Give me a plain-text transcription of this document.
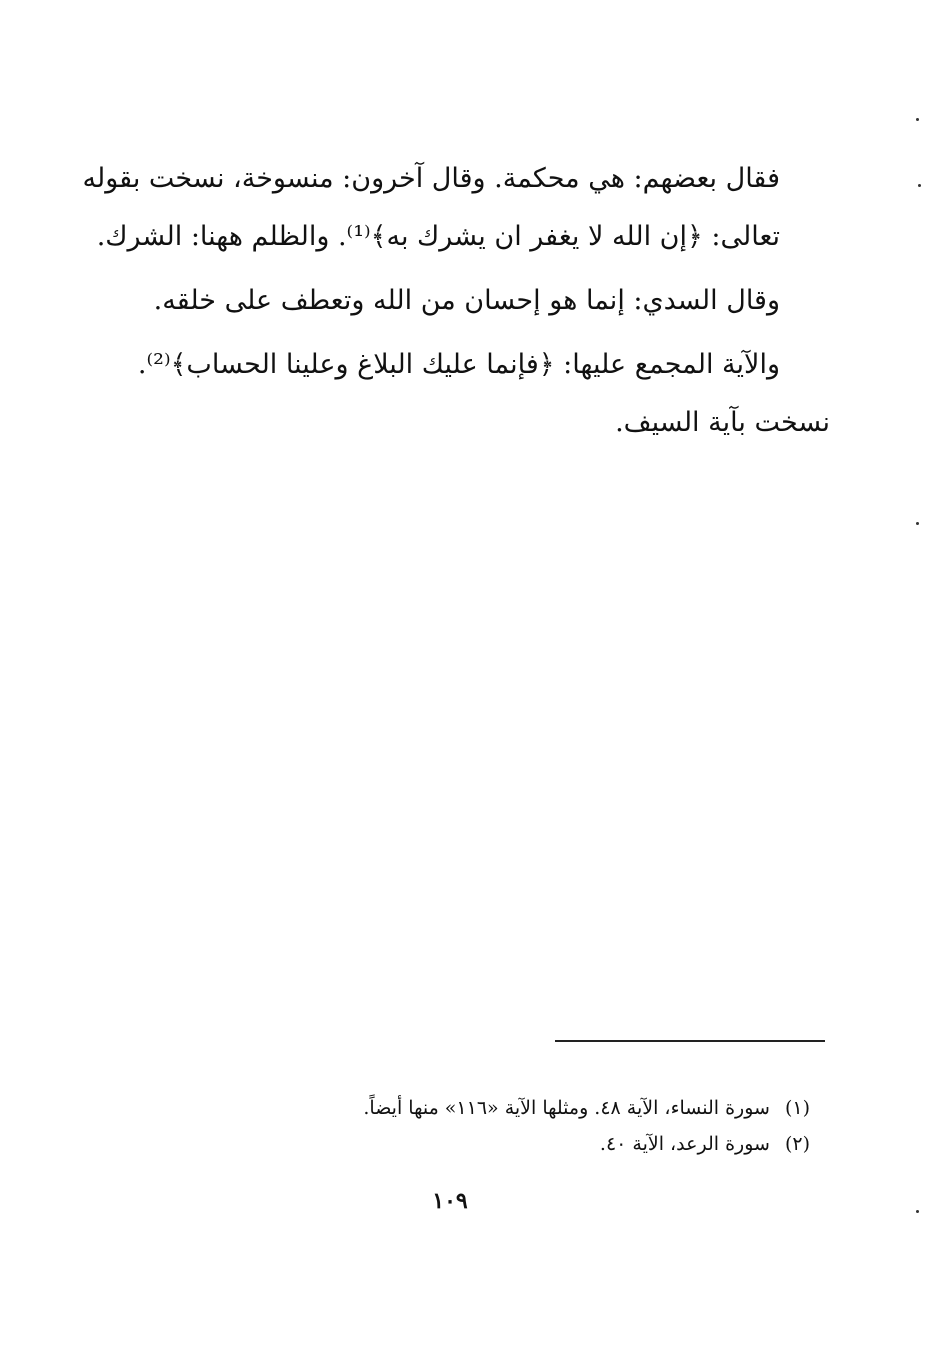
فقال بعضهم: هي محكمة. وقال آخرون: منسوخة، نسخت بقوله
تعالى: ﴿إن الله لا يغفر ان يشرك به﴾⁽¹⁾. والظلم ههنا: الشرك.

وقال السدي: إنما هو إحسان من الله وتعطف على خلقه.

والآية المجمع عليها: ﴿فإنما عليك البلاغ وعلينا الحساب﴾⁽²⁾.
نسخت بآية السيف.

(١) سورة النساء، الآية ٤٨. ومثلها الآية «١١٦» منها أيضاً.
(٢) سورة الرعد، الآية ٤٠.
١٠٩
